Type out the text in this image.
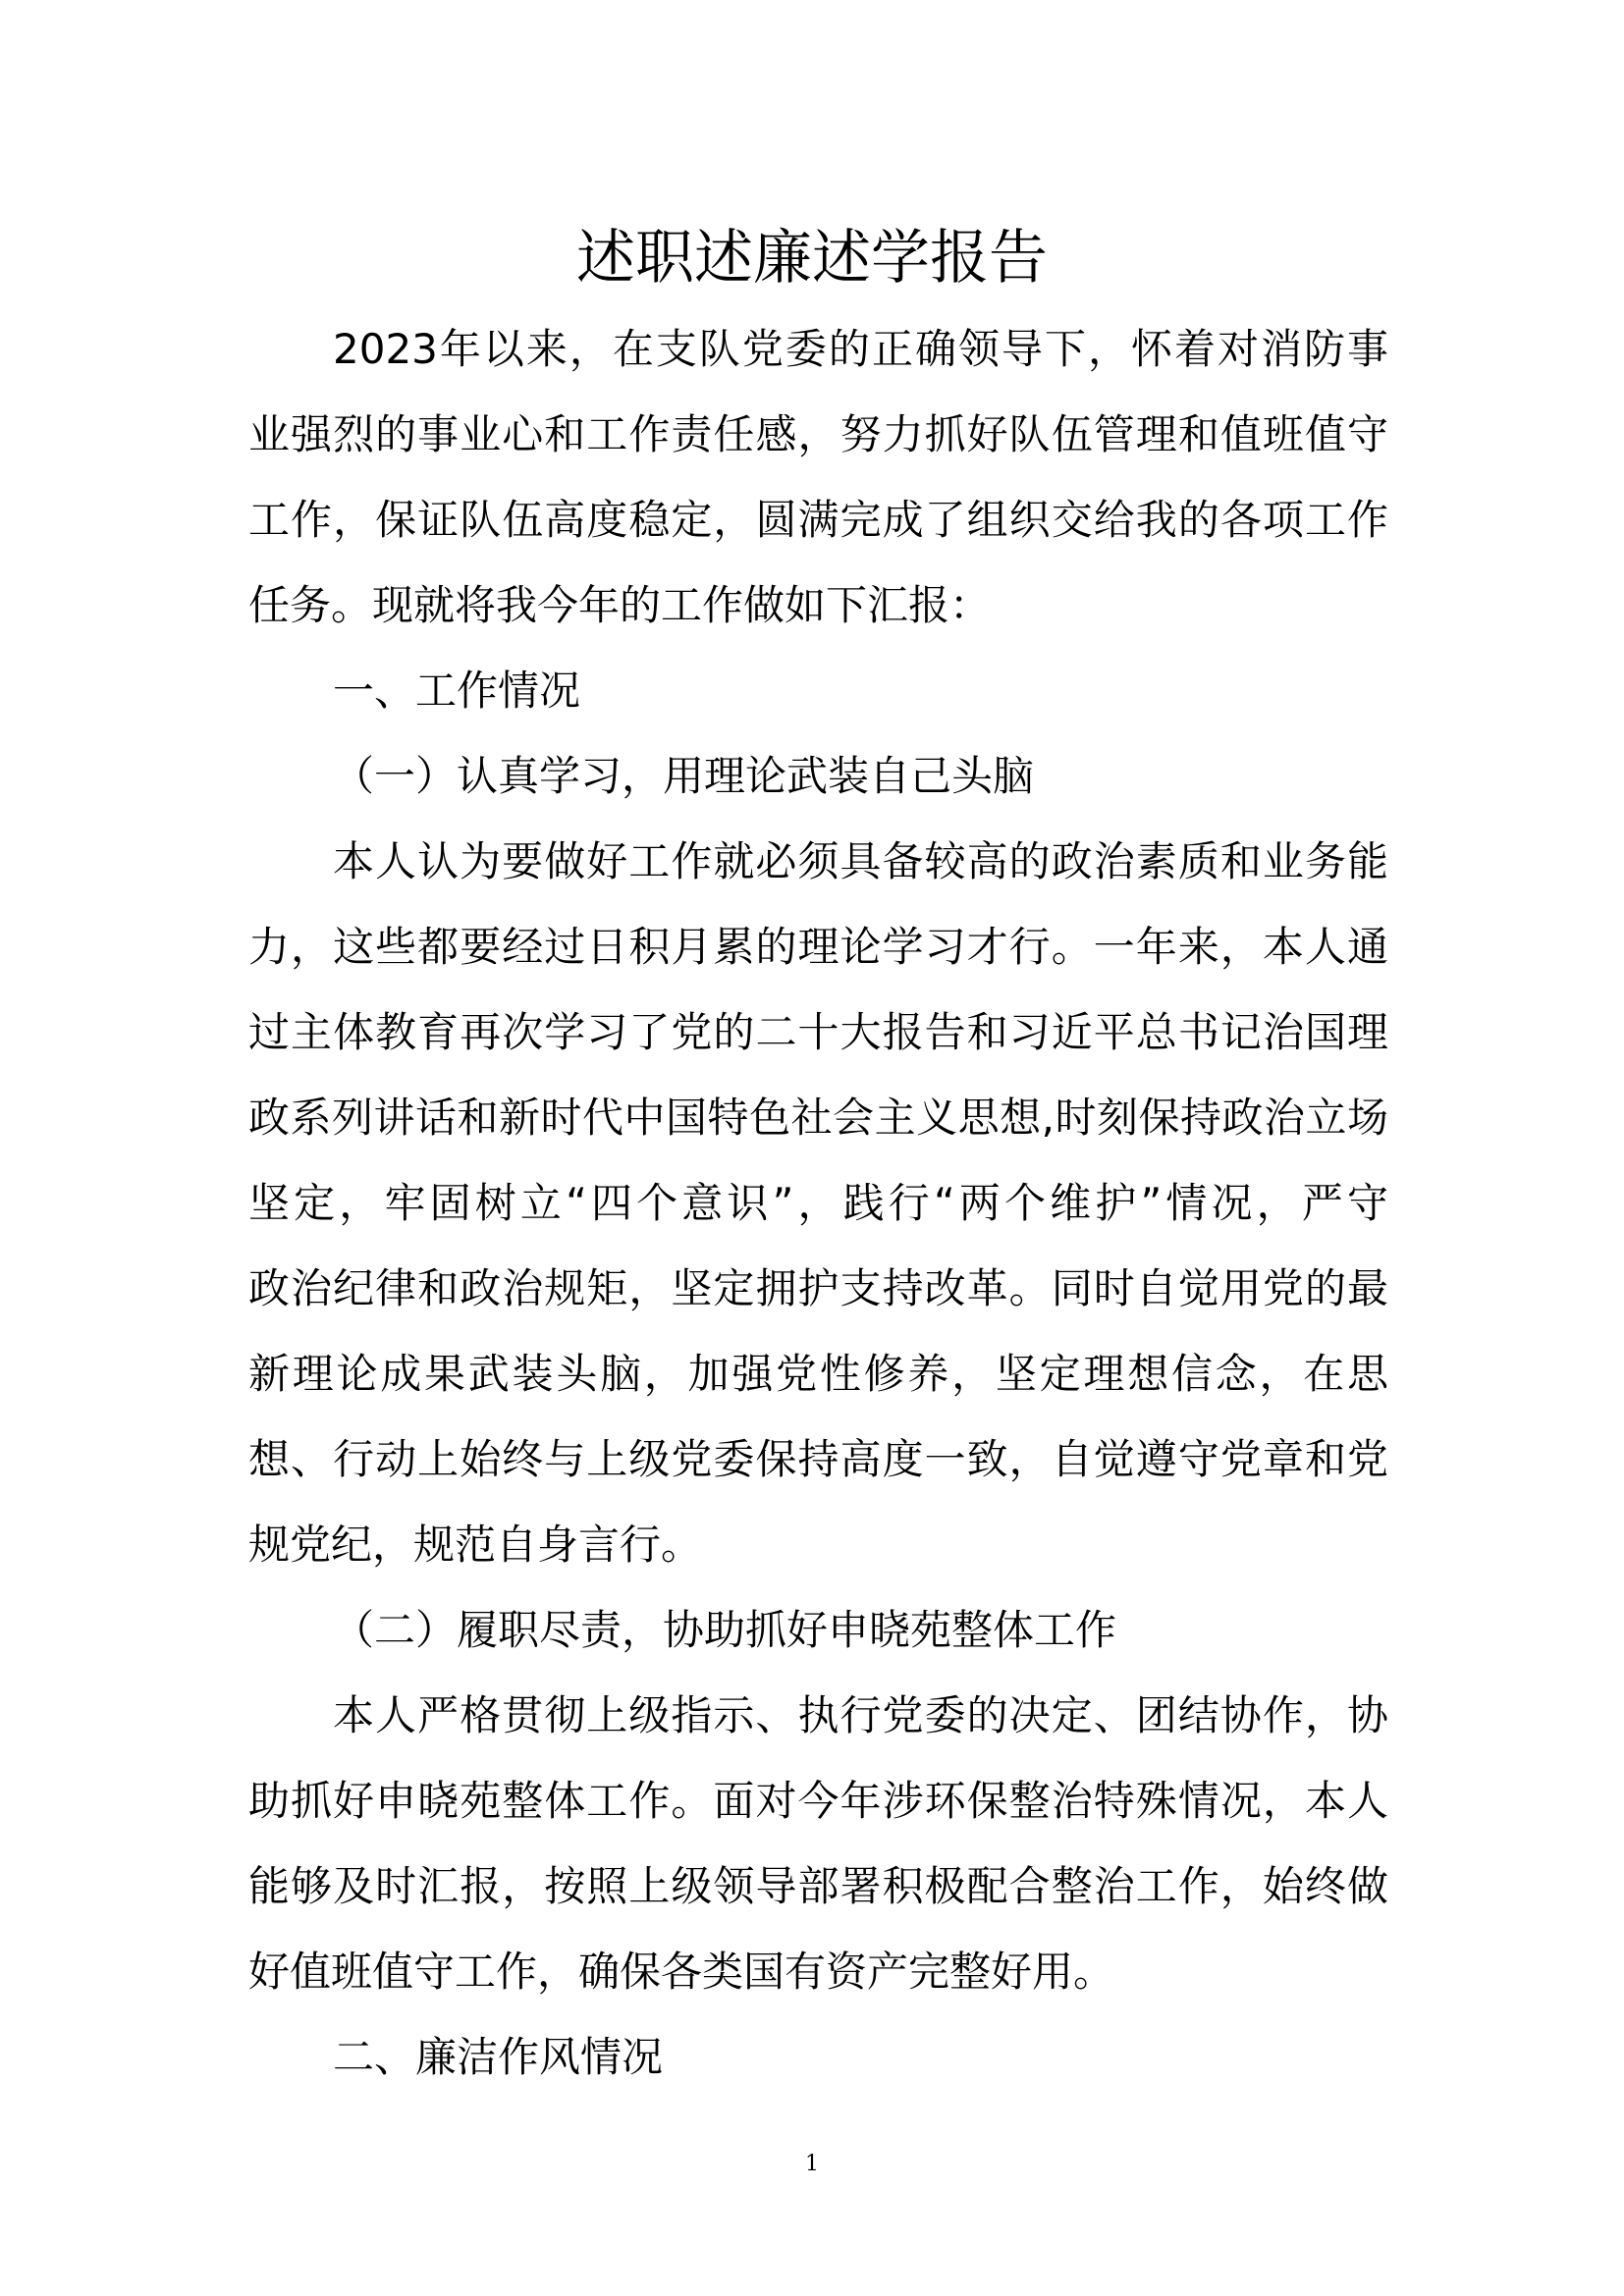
述职述廉述学报告
2023年以来，在支队党委的正确领导下，怀着对消防事
业强烈的事业心和工作责任感，努力抓好队伍管理和值班值守
工作，保证队伍高度稳定，圆满完成了组织交给我的各项工作
任务。现就将我今年的工作做如下汇报：
一、工作情况
（一）认真学习，用理论武装自己头脑
本人认为要做好工作就必须具备较高的政治素质和业务能
力，这些都要经过日积月累的理论学习才行。一年来，本人通
过主体教育再次学习了党的二十大报告和习近平总书记治国理
政系列讲话和新时代中国特色社会主义思想,时刻保持政治立场
坚定，牢固树立“四个意识”，践行“两个维护”情况，严守
政治纪律和政治规矩，坚定拥护支持改革。同时自觉用党的最
新理论成果武装头脑，加强党性修养，坚定理想信念，在思
想、行动上始终与上级党委保持高度一致，自觉遵守党章和党
规党纪，规范自身言行。
（二）履职尽责，协助抓好申晓苑整体工作
本人严格贯彻上级指示、执行党委的决定、团结协作，协
助抓好申晓苑整体工作。面对今年涉环保整治特殊情况，本人
能够及时汇报，按照上级领导部署积极配合整治工作，始终做
好值班值守工作，确保各类国有资产完整好用。
二、廉洁作风情况
1
